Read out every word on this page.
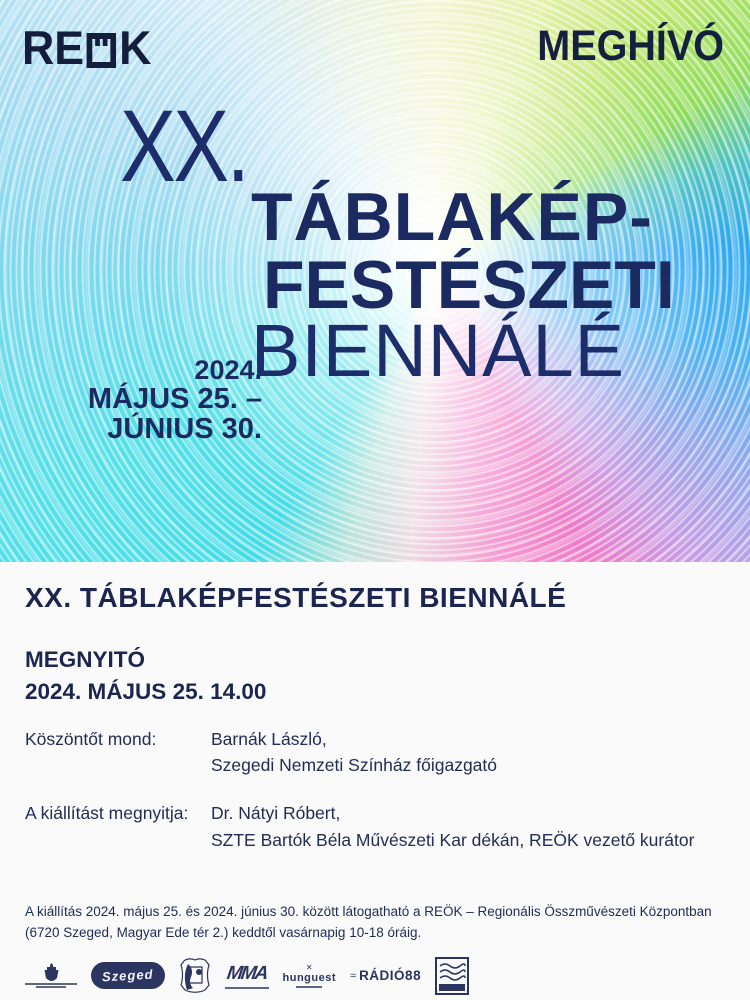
RE K	MEGHÍVÓ
XX.
TÁBLAKÉP-
FESTÉSZETI
BIENNÁLÉ
2024.
MÁJUS 25. –
JÚNIUS 30.
XX. TÁBLAKÉPFESTÉSZETI BIENNÁLÉ
MEGNYITÓ
2024. MÁJUS 25. 14.00
Köszöntőt mond:	Barnák László,
Szegedi Nemzeti Színház főigazgató
A kiállítást megnyitja:	Dr. Nátyi Róbert,
SZTE Bartók Béla Művészeti Kar dékán, REÖK vezető kurátor
A kiállítás 2024. május 25. és 2024. június 30. között látogatható a REÖK – Regionális Összművészeti Központban
(6720 Szeged, Magyar Ede tér 2.) keddtől vasárnapig 10-18 óráig.
Szeged	MMA	✕
hunguest ≈ RÁDIÓ88
